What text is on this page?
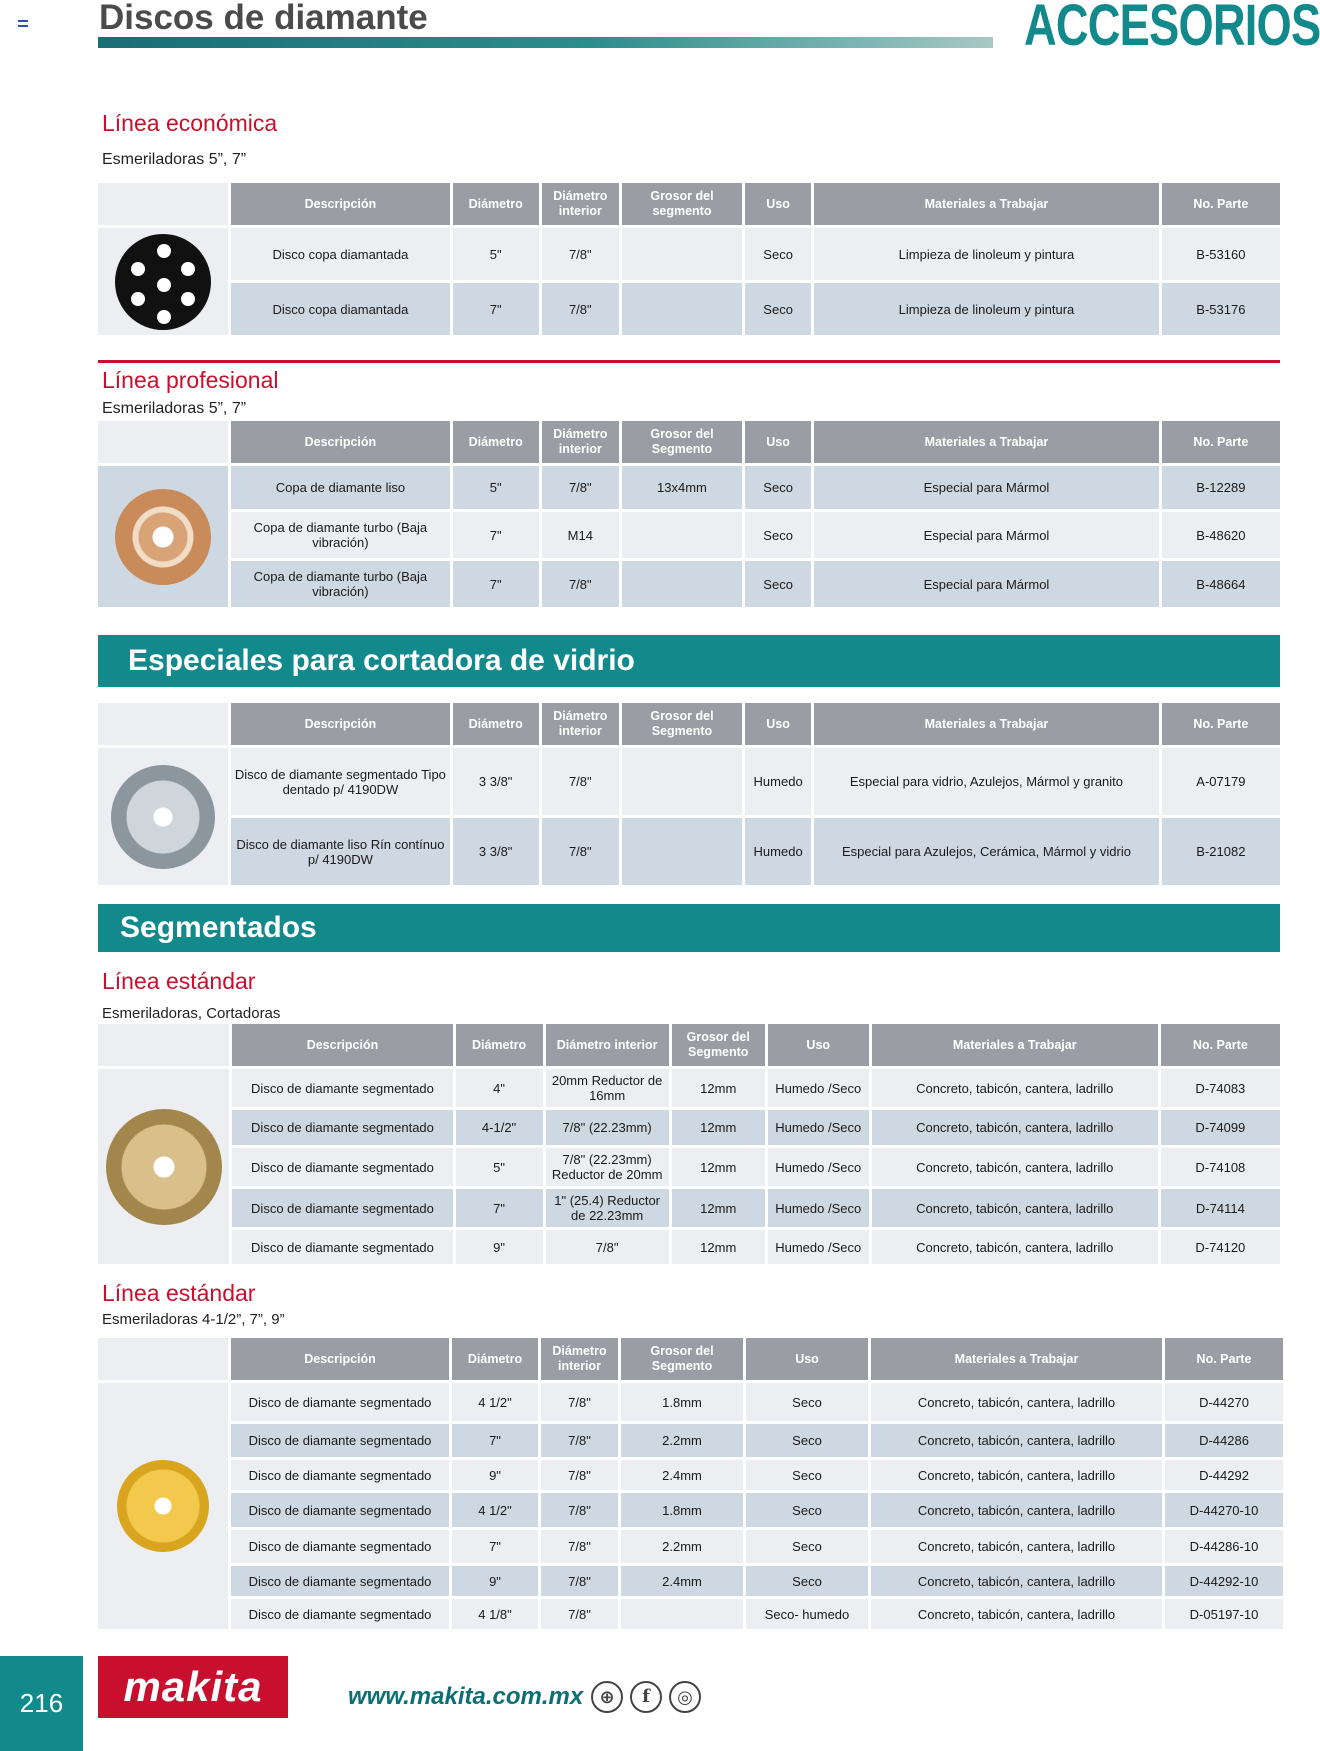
Discos de diamante	ACCESORIOS
Línea económica
Esmeriladoras 5”, 7”
	Descripción	Diámetro	Diámetro interior	Grosor del segmento	Uso	Materiales a Trabajar	No. Parte

	Disco copa diamantada	5"	7/8"		Seco	Limpieza de linoleum y pintura	B-53160
	Disco copa diamantada	7"	7/8"		Seco	Limpieza de linoleum y pintura	B-53176
Línea profesional
Esmeriladoras 5”, 7”
	Descripción	Diámetro	Diámetro interior	Grosor del Segmento	Uso	Materiales a Trabajar	No. Parte

	Copa de diamante liso	5"	7/8"	13x4mm	Seco	Especial para Mármol	B-12289
	Copa de diamante turbo (Baja vibración)	7"	M14		Seco	Especial para Mármol	B-48620
	Copa de diamante turbo (Baja vibración)	7"	7/8"		Seco	Especial para Mármol	B-48664
Especiales para cortadora de vidrio
	Descripción	Diámetro	Diámetro interior	Grosor del Segmento	Uso	Materiales a Trabajar	No. Parte

	Disco de diamante segmentado Tipo dentado p/ 4190DW	3 3/8"	7/8"		Humedo	Especial para vidrio, Azulejos, Mármol y granito	A-07179
	Disco de diamante liso Rín contínuo p/ 4190DW	3 3/8"	7/8"		Humedo	Especial para Azulejos, Cerámica, Mármol y vidrio	B-21082
Segmentados
Línea estándar
Esmeriladoras, Cortadoras
	Descripción	Diámetro	Diámetro interior	Grosor del Segmento	Uso	Materiales a Trabajar	No. Parte

	Disco de diamante segmentado	4"	20mm Reductor de 16mm	12mm	Humedo /Seco	Concreto, tabicón, cantera, ladrillo	D-74083
	Disco de diamante segmentado	4-1/2"	7/8" (22.23mm)	12mm	Humedo /Seco	Concreto, tabicón, cantera, ladrillo	D-74099
	Disco de diamante segmentado	5"	7/8" (22.23mm) Reductor de 20mm	12mm	Humedo /Seco	Concreto, tabicón, cantera, ladrillo	D-74108
	Disco de diamante segmentado	7"	1" (25.4) Reductor de 22.23mm	12mm	Humedo /Seco	Concreto, tabicón, cantera, ladrillo	D-74114
	Disco de diamante segmentado	9"	7/8"	12mm	Humedo /Seco	Concreto, tabicón, cantera, ladrillo	D-74120
Línea estándar
Esmeriladoras 4-1/2”, 7”, 9”
	Descripción	Diámetro	Diámetro interior	Grosor del Segmento	Uso	Materiales a Trabajar	No. Parte

	Disco de diamante segmentado	4 1/2"	7/8"	1.8mm	Seco	Concreto, tabicón, cantera, ladrillo	D-44270
	Disco de diamante segmentado	7"	7/8"	2.2mm	Seco	Concreto, tabicón, cantera, ladrillo	D-44286
	Disco de diamante segmentado	9"	7/8"	2.4mm	Seco	Concreto, tabicón, cantera, ladrillo	D-44292
	Disco de diamante segmentado	4 1/2"	7/8"	1.8mm	Seco	Concreto, tabicón, cantera, ladrillo	D-44270-10
	Disco de diamante segmentado	7"	7/8"	2.2mm	Seco	Concreto, tabicón, cantera, ladrillo	D-44286-10
	Disco de diamante segmentado	9"	7/8"	2.4mm	Seco	Concreto, tabicón, cantera, ladrillo	D-44292-10
	Disco de diamante segmentado	4 1/8"	7/8"		Seco- humedo	Concreto, tabicón, cantera, ladrillo	D-05197-10
216	makita	www.makita.com.mx ⊕	f	◎
